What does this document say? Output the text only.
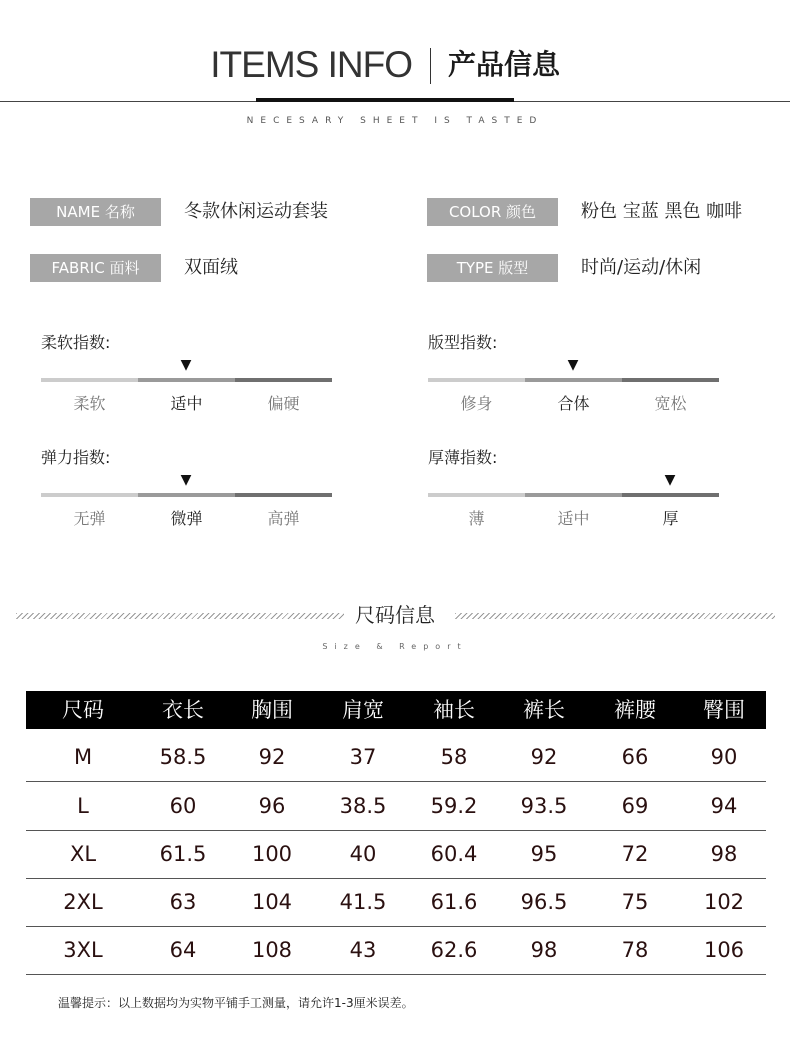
ITEMS INFO 产品信息
NECESARY SHEET IS TASTED
NAME 名称	冬款休闲运动套装	COLOR 颜色	粉色 宝蓝 黑色 咖啡
FABRIC 面料	双面绒	TYPE 版型	时尚/运动/休闲
柔软指数:
▼
柔软	适中	偏硬
版型指数:
▼
修身	合体	宽松
弹力指数:
▼
无弹	微弹	高弹
厚薄指数:
▼
薄	适中	厚
尺码信息
Size & Report
尺码	衣长	胸围	肩宽	袖长	裤长	裤腰	臀围
M	58.5	92	37	58	92	66	90
L	60	96	38.5	59.2	93.5	69	94
XL	61.5	100	40	60.4	95	72	98
2XL	63	104	41.5	61.6	96.5	75	102
3XL	64	108	43	62.6	98	78	106
温馨提示：以上数据均为实物平铺手工测量，请允许1-3厘米误差。
